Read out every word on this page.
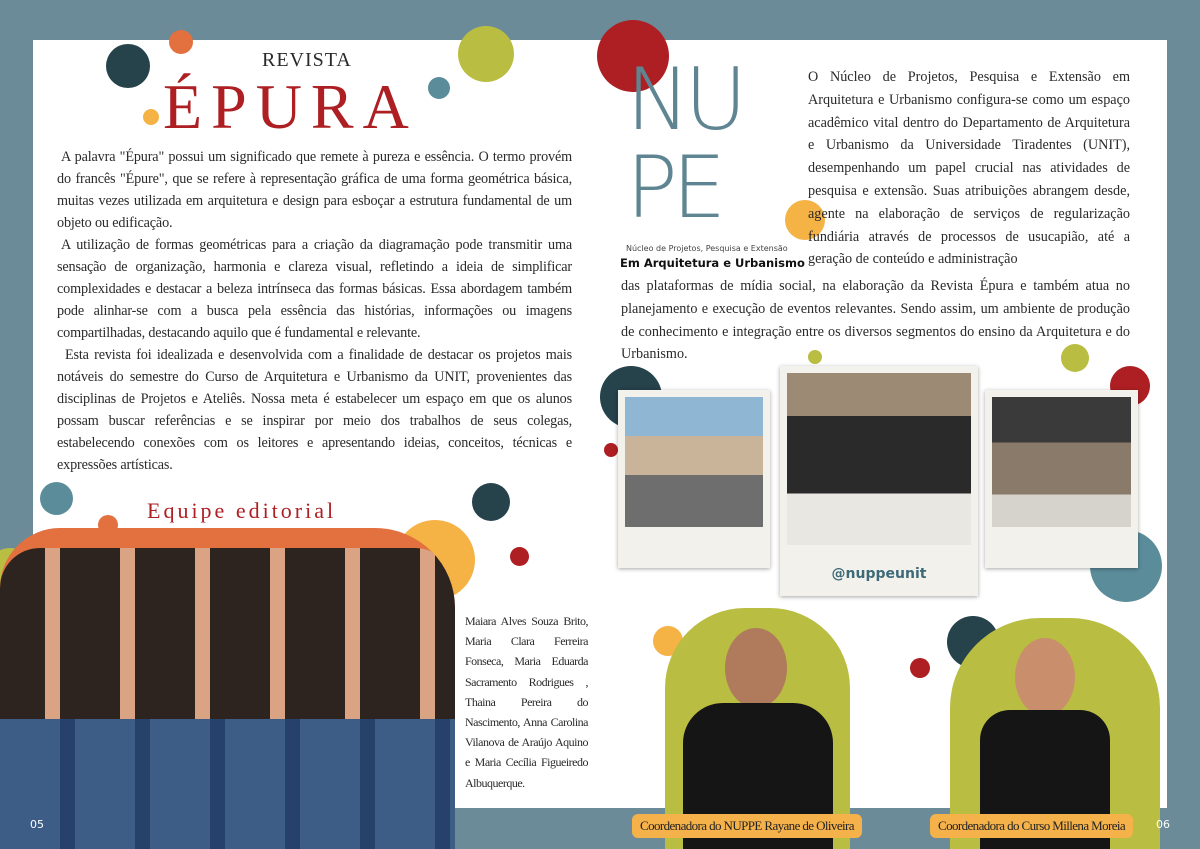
REVISTA
ÉPURA

A palavra "Épura" possui um significado que remete à pureza e essência. O termo provém do francês "Épure", que se refere à representação gráfica de uma forma geométrica básica, muitas vezes utilizada em arquitetura e design para esboçar a estrutura fundamental de um objeto ou edificação.

A utilização de formas geométricas para a criação da diagramação pode transmitir uma sensação de organização, harmonia e clareza visual, refletindo a ideia de simplificar complexidades e destacar a beleza intrínseca das formas básicas. Essa abordagem também pode alinhar-se com a busca pela essência das histórias, informações ou imagens compartilhadas, destacando aquilo que é fundamental e relevante.

Esta revista foi idealizada e desenvolvida com a finalidade de destacar os projetos mais notáveis do semestre do Curso de Arquitetura e Urbanismo da UNIT, provenientes das disciplinas de Projetos e Ateliês. Nossa meta é estabelecer um espaço em que os alunos possam buscar referências e se inspirar por meio dos trabalhos de seus colegas, estabelecendo conexões com os leitores e apresentando ideias, conceitos, técnicas e expressões artísticas.

Equipe editorial
Maiara Alves Souza Brito, Maria Clara Ferreira Fonseca, Maria Eduarda Sacramento Rodrigues , Thaina Pereira do Nascimento, Anna Carolina Vilanova de Araújo Aquino e Maria Cecília Figueiredo Albuquerque.
05
NU
PE
Núcleo de Projetos, Pesquisa e Extensão
Em Arquitetura e Urbanismo
O Núcleo de Projetos, Pesquisa e Extensão em Arquitetura e Urbanismo configura-se como um espaço acadêmico vital dentro do Departamento de Arquitetura e Urbanismo da Universidade Tiradentes (UNIT), desempenhando um papel crucial nas atividades de pesquisa e extensão. Suas atribuições abrangem desde, agente na elaboração de serviços de regularização fundiária através de processos de usucapião, até a geração de conteúdo e administração
das plataformas de mídia social, na elaboração da Revista Épura e também atua no planejamento e execução de eventos relevantes. Sendo assim, um ambiente de produção de conhecimento e integração entre os diversos segmentos do ensino da Arquitetura e do Urbanismo.
@nuppeunit
Coordenadora do NUPPE Rayane de Oliveira	Coordenadora do Curso Millena Moreia	06
